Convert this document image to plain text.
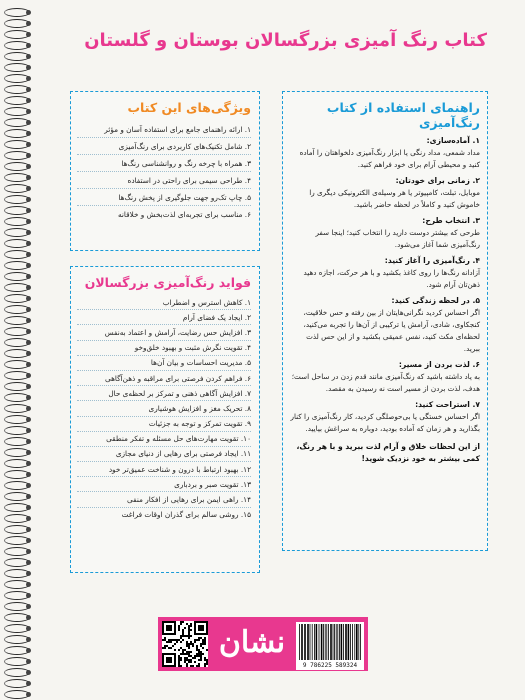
کتاب رنگ آمیزی بزرگسالان بوستان و گلستان
راهنمای استفاده از کتاب رنگ‌آمیزی
۱. آماده‌سازی:
مداد شمعی، مداد رنگی یا ابزار رنگ‌آمیزی دلخواهتان را آماده کنید و محیطی آرام برای خود فراهم کنید.
۲. زمانی برای خودتان:
موبایل، تبلت، کامپیوتر یا هر وسیله‌ی الکترونیکی دیگری را خاموش کنید و کاملاً در لحظه حاضر باشید.
۳. انتخاب طرح:
طرحی که بیشتر دوست دارید را انتخاب کنید؛ اینجا سفر رنگ‌آمیزی شما آغاز می‌شود.
۴. رنگ‌آمیزی را آغاز کنید:
آزادانه رنگ‌ها را روی کاغذ بکشید و با هر حرکت، اجازه دهید ذهن‌تان آرام شود.
۵. در لحظه زندگی کنید:
اگر احساس کردید نگرانی‌هایتان از بین رفته و حس خلاقیت، کنجکاوی، شادی، آرامش یا ترکیبی از آن‌ها را تجربه می‌کنید، لحظه‌ای مکث کنید، نفس عمیقی بکشید و از این حس لذت ببرید.
۶. لذت بردن از مسیر:
به یاد داشته باشید که رنگ‌آمیزی مانند قدم زدن در ساحل است؛ هدف، لذت بردن از مسیر است نه رسیدن به مقصد.
۷. استراحت کنید:
اگر احساس خستگی یا بی‌حوصلگی کردید، کار رنگ‌آمیزی را کنار بگذارید و هر زمان که آماده بودید، دوباره به سراغش بیایید.
از این لحظات خلاق و آرام لذت ببرید و با هر رنگ، کمی بیشتر به خود نزدیک شوید!
ویژگی‌های این کتاب
۱. ارائه راهنمای جامع برای استفاده آسان و مؤثر
۲. شامل تکنیک‌های کاربردی برای رنگ‌آمیزی
۳. همراه با چرخه رنگ و روانشناسی رنگ‌ها
۴. طراحی سیمی برای راحتی در استفاده
۵. چاپ تک‌رو جهت جلوگیری از پخش رنگ‌ها
۶. مناسب برای تجربه‌ای لذت‌بخش و خلاقانه
فواید رنگ‌آمیزی بزرگسالان
۱. کاهش استرس و اضطراب
۲. ایجاد یک فضای آرام
۳. افزایش حس رضایت، آرامش و اعتماد به‌نفس
۴. تقویت نگرش مثبت و بهبود خلق‌وخو
۵. مدیریت احساسات و بیان آن‌ها
۶. فراهم کردن فرصتی برای مراقبه و ذهن‌آگاهی
۷. افزایش آگاهی ذهنی و تمرکز بر لحظه‌ی حال
۸. تحریک مغز و افزایش هوشیاری
۹. تقویت تمرکز و توجه به جزئیات
۱۰. تقویت مهارت‌های حل مسئله و تفکر منطقی
۱۱. ایجاد فرصتی برای رهایی از دنیای مجازی
۱۲. بهبود ارتباط با درون و شناخت عمیق‌تر خود
۱۳. تقویت صبر و بردباری
۱۴. راهی ایمن برای رهایی از افکار منفی
۱۵. روشی سالم برای گذران اوقات فراغت
نشان
9 786225 589324
